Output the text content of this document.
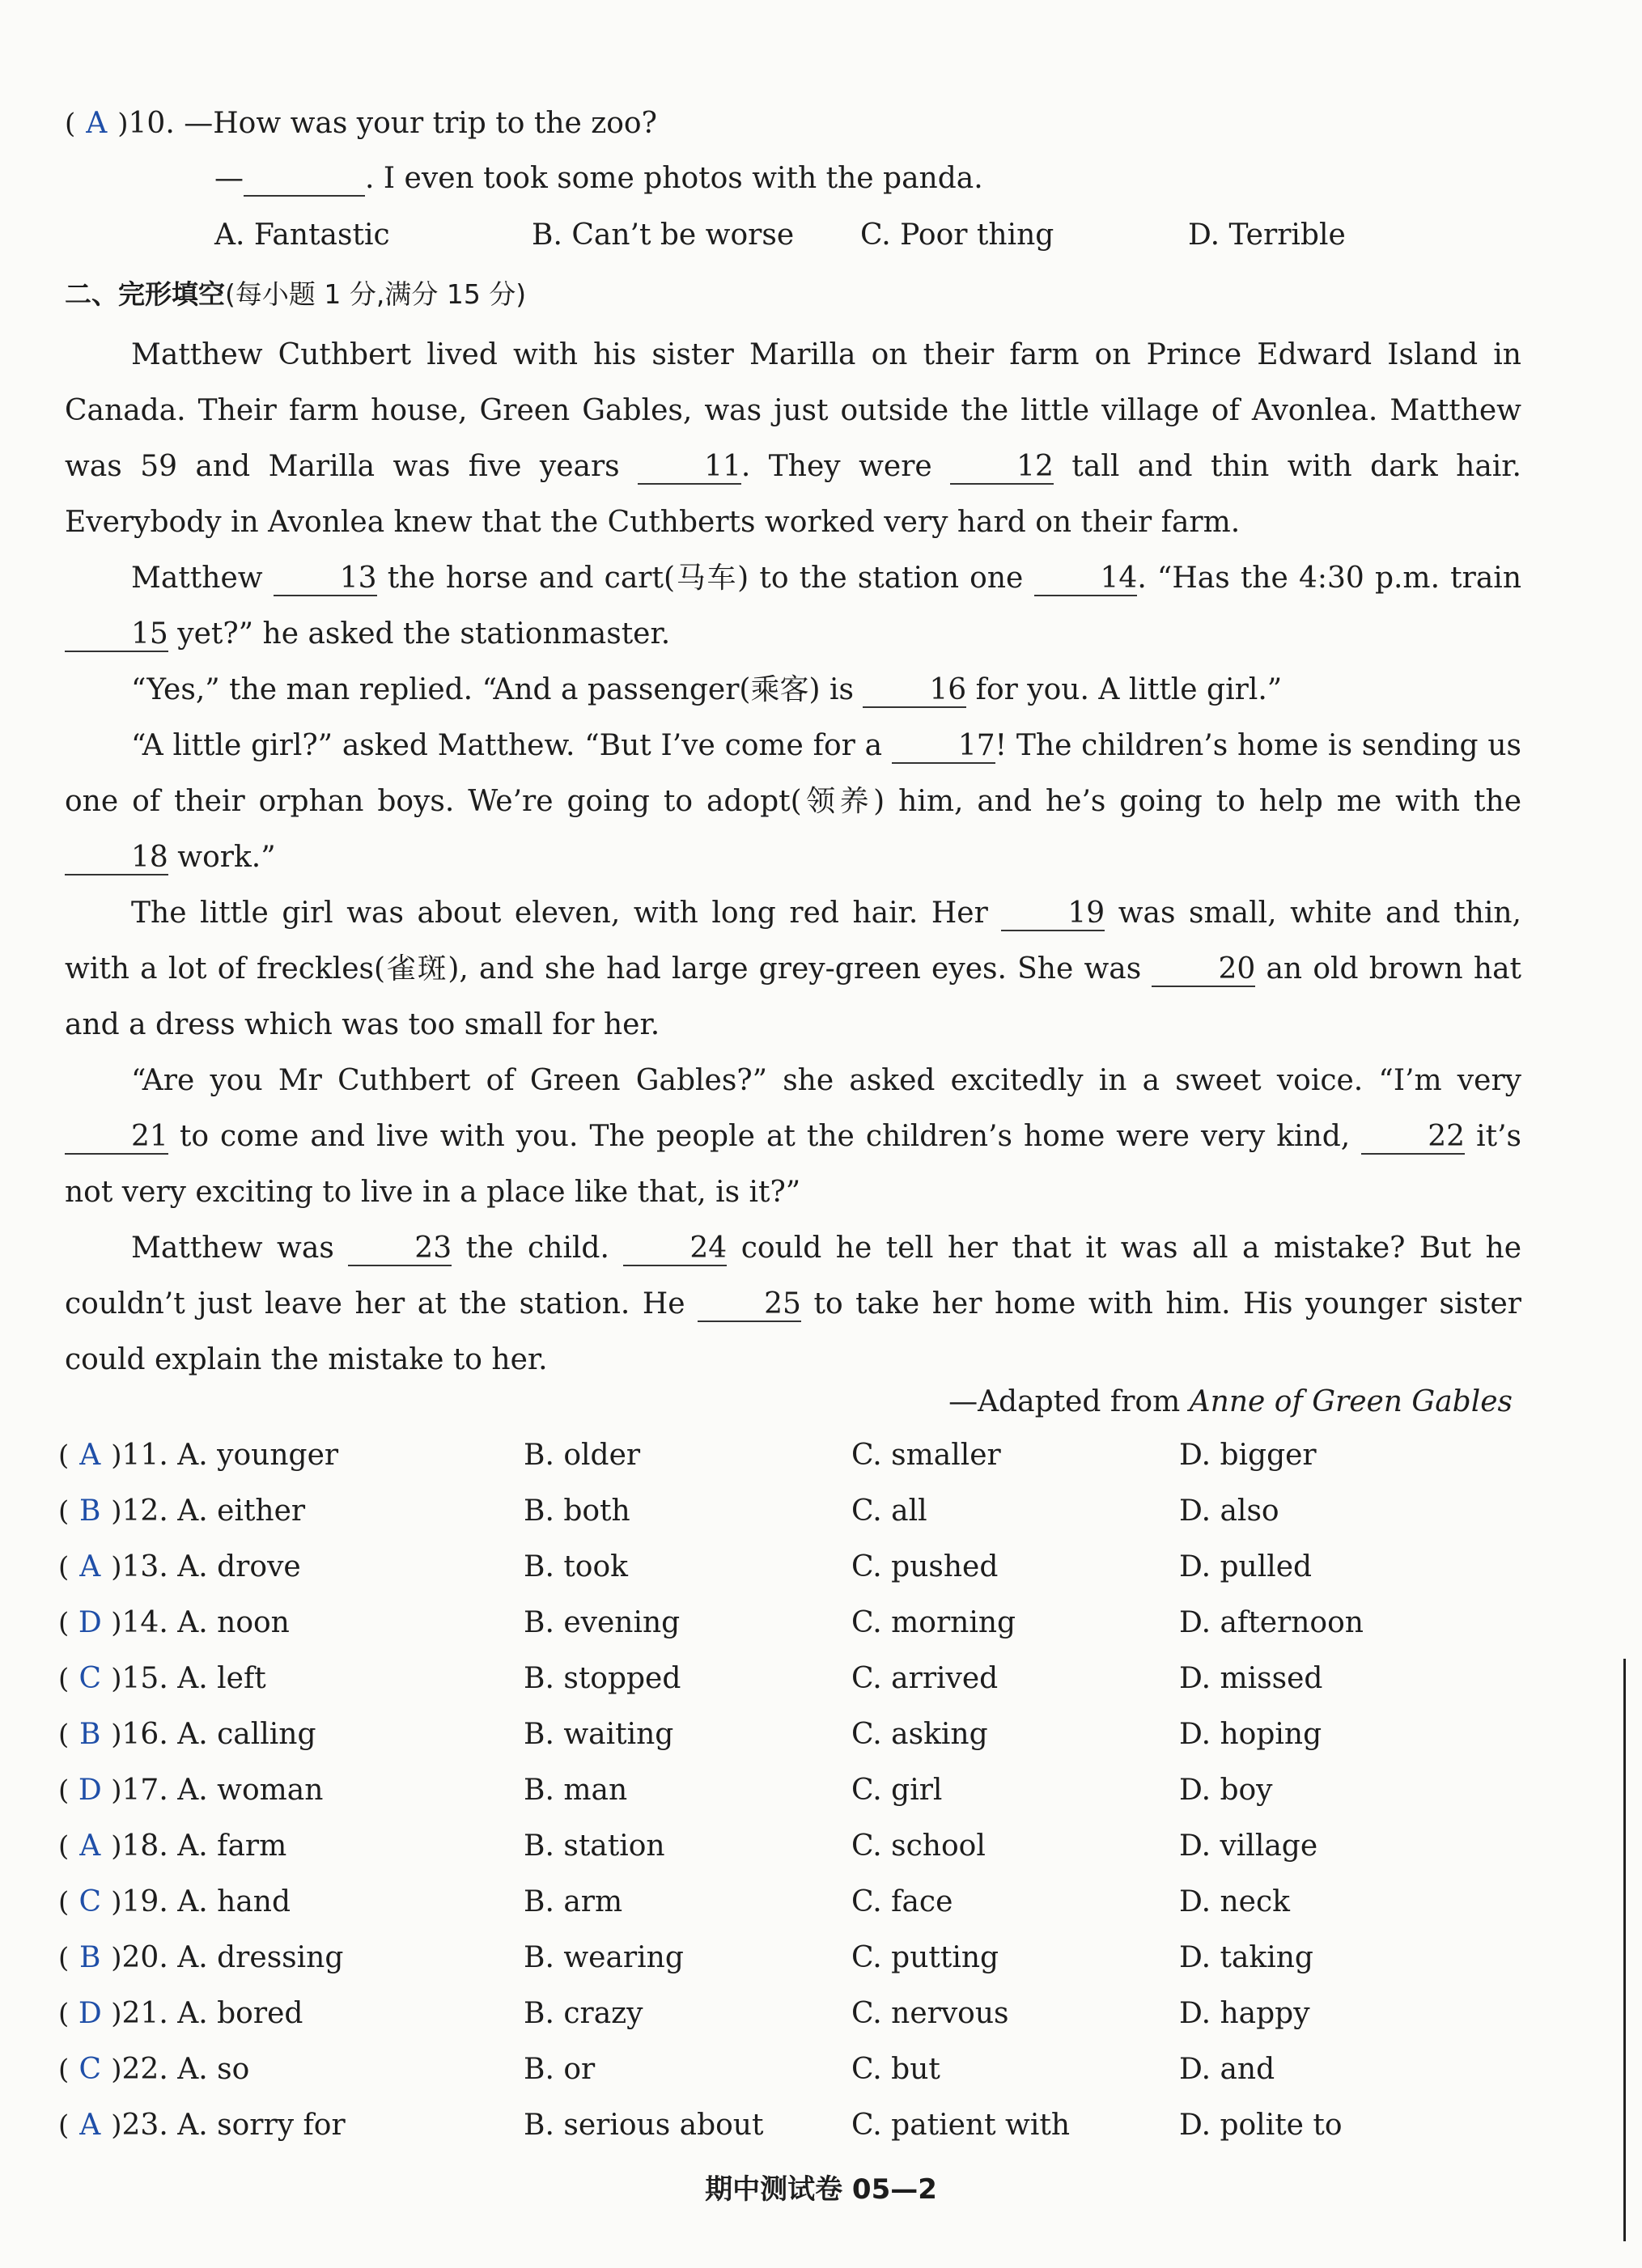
( A )10. —How was your trip to the zoo?
—	. I even took some photos with the panda.
A. Fantastic	B. Can’t be worse C. Poor thing	D. Terrible
二、完形填空(每小题 1 分,满分 15 分)

Matthew Cuthbert lived with his sister Marilla on their farm on Prince Edward Island in Canada. Their farm house, Green Gables, was just outside the little village of Avonlea. Matthew was 59 and Marilla was five years 11. They were 12 tall and thin with dark hair. Everybody in Avonlea knew that the Cuthberts worked very hard on their farm.

Matthew 13 the horse and cart(马车) to the station one 14. “Has the 4:30 p.m. train 15 yet?” he asked the stationmaster.

“Yes,” the man replied. “And a passenger(乘客) is 16 for you. A little girl.”

“A little girl?” asked Matthew. “But I’ve come for a 17! The children’s home is sending us one of their orphan boys. We’re going to adopt(领养) him, and he’s going to help me with the 18 work.”

The little girl was about eleven, with long red hair. Her 19 was small, white and thin, with a lot of freckles(雀斑), and she had large grey-green eyes. She was 20 an old brown hat and a dress which was too small for her.

“Are you Mr Cuthbert of Green Gables?” she asked excitedly in a sweet voice. “I’m very 21 to come and live with you. The people at the children’s home were very kind, 22 it’s not very exciting to live in a place like that, is it?”

Matthew was 23 the child. 24 could he tell her that it was all a mistake? But he couldn’t just leave her at the station. He 25 to take her home with him. His younger sister could explain the mistake to her.

—Adapted from Anne of Green Gables
( A )11. A. younger	B. older	C. smaller	D. bigger
( B )12. A. either	B. both	C. all	D. also
( A )13. A. drove	B. took	C. pushed	D. pulled
( D )14. A. noon	B. evening	C. morning	D. afternoon
( C )15. A. left	B. stopped	C. arrived	D. missed
( B )16. A. calling	B. waiting	C. asking	D. hoping
( D )17. A. woman	B. man	C. girl	D. boy
( A )18. A. farm	B. station	C. school	D. village
( C )19. A. hand	B. arm	C. face	D. neck
( B )20. A. dressing	B. wearing	C. putting	D. taking
( D )21. A. bored	B. crazy	C. nervous	D. happy
( C )22. A. so	B. or	C. but	D. and
( A )23. A. sorry for	B. serious about	C. patient with	D. polite to
期中测试卷 05—2
